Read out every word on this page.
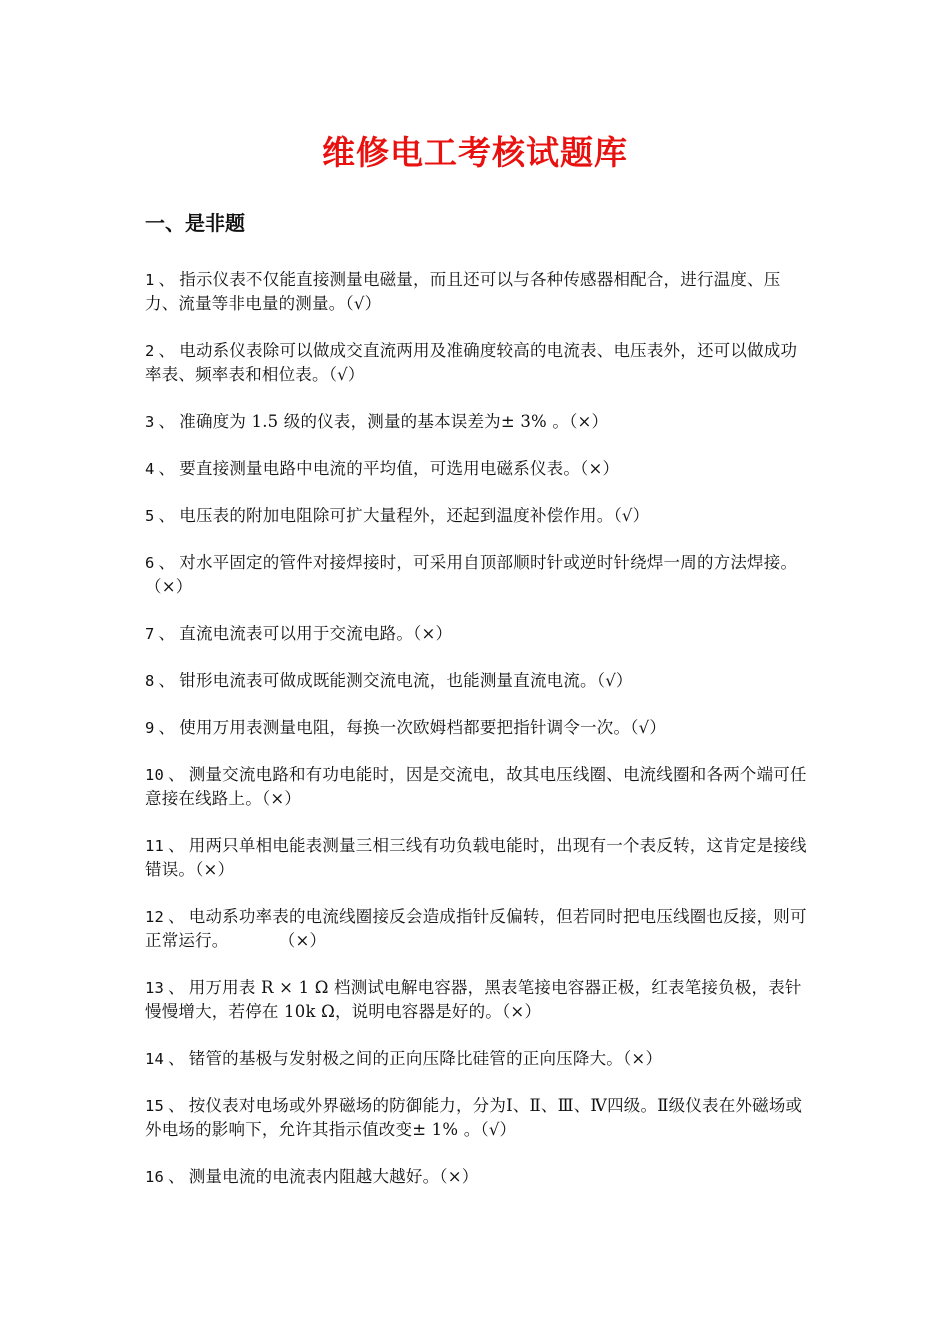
维修电工考核试题库
一、是非题
1 、 指示仪表不仅能直接测量电磁量，而且还可以与各种传感器相配合，进行温度、压力、流量等非电量的测量。（√）
2 、 电动系仪表除可以做成交直流两用及准确度较高的电流表、电压表外，还可以做成功率表、频率表和相位表。（√）
3 、 准确度为 1.5 级的仪表，测量的基本误差为± 3% 。（×）
4 、 要直接测量电路中电流的平均值，可选用电磁系仪表。（×）
5 、 电压表的附加电阻除可扩大量程外，还起到温度补偿作用。（√）
6 、 对水平固定的管件对接焊接时，可采用自顶部顺时针或逆时针绕焊一周的方法焊接。（×）
7 、 直流电流表可以用于交流电路。（×）
8 、 钳形电流表可做成既能测交流电流，也能测量直流电流。（√）
9 、 使用万用表测量电阻，每换一次欧姆档都要把指针调令一次。（√）
10 、 测量交流电路和有功电能时，因是交流电，故其电压线圈、电流线圈和各两个端可任意接在线路上。（×）
11 、 用两只单相电能表测量三相三线有功负载电能时，出现有一个表反转，这肯定是接线错误。（×）
12 、 电动系功率表的电流线圈接反会造成指针反偏转，但若同时把电压线圈也反接，则可正常运行。　　　　（×）
13 、 用万用表 R × 1 Ω 档测试电解电容器，黑表笔接电容器正极，红表笔接负极，表针慢慢增大，若停在 10k Ω，说明电容器是好的。（×）
14 、 锗管的基极与发射极之间的正向压降比硅管的正向压降大。（×）
15 、 按仪表对电场或外界磁场的防御能力，分为Ⅰ、Ⅱ、Ⅲ、Ⅳ四级。Ⅱ级仪表在外磁场或外电场的影响下，允许其指示值改变± 1% 。（√）
16 、 测量电流的电流表内阻越大越好。（×）
